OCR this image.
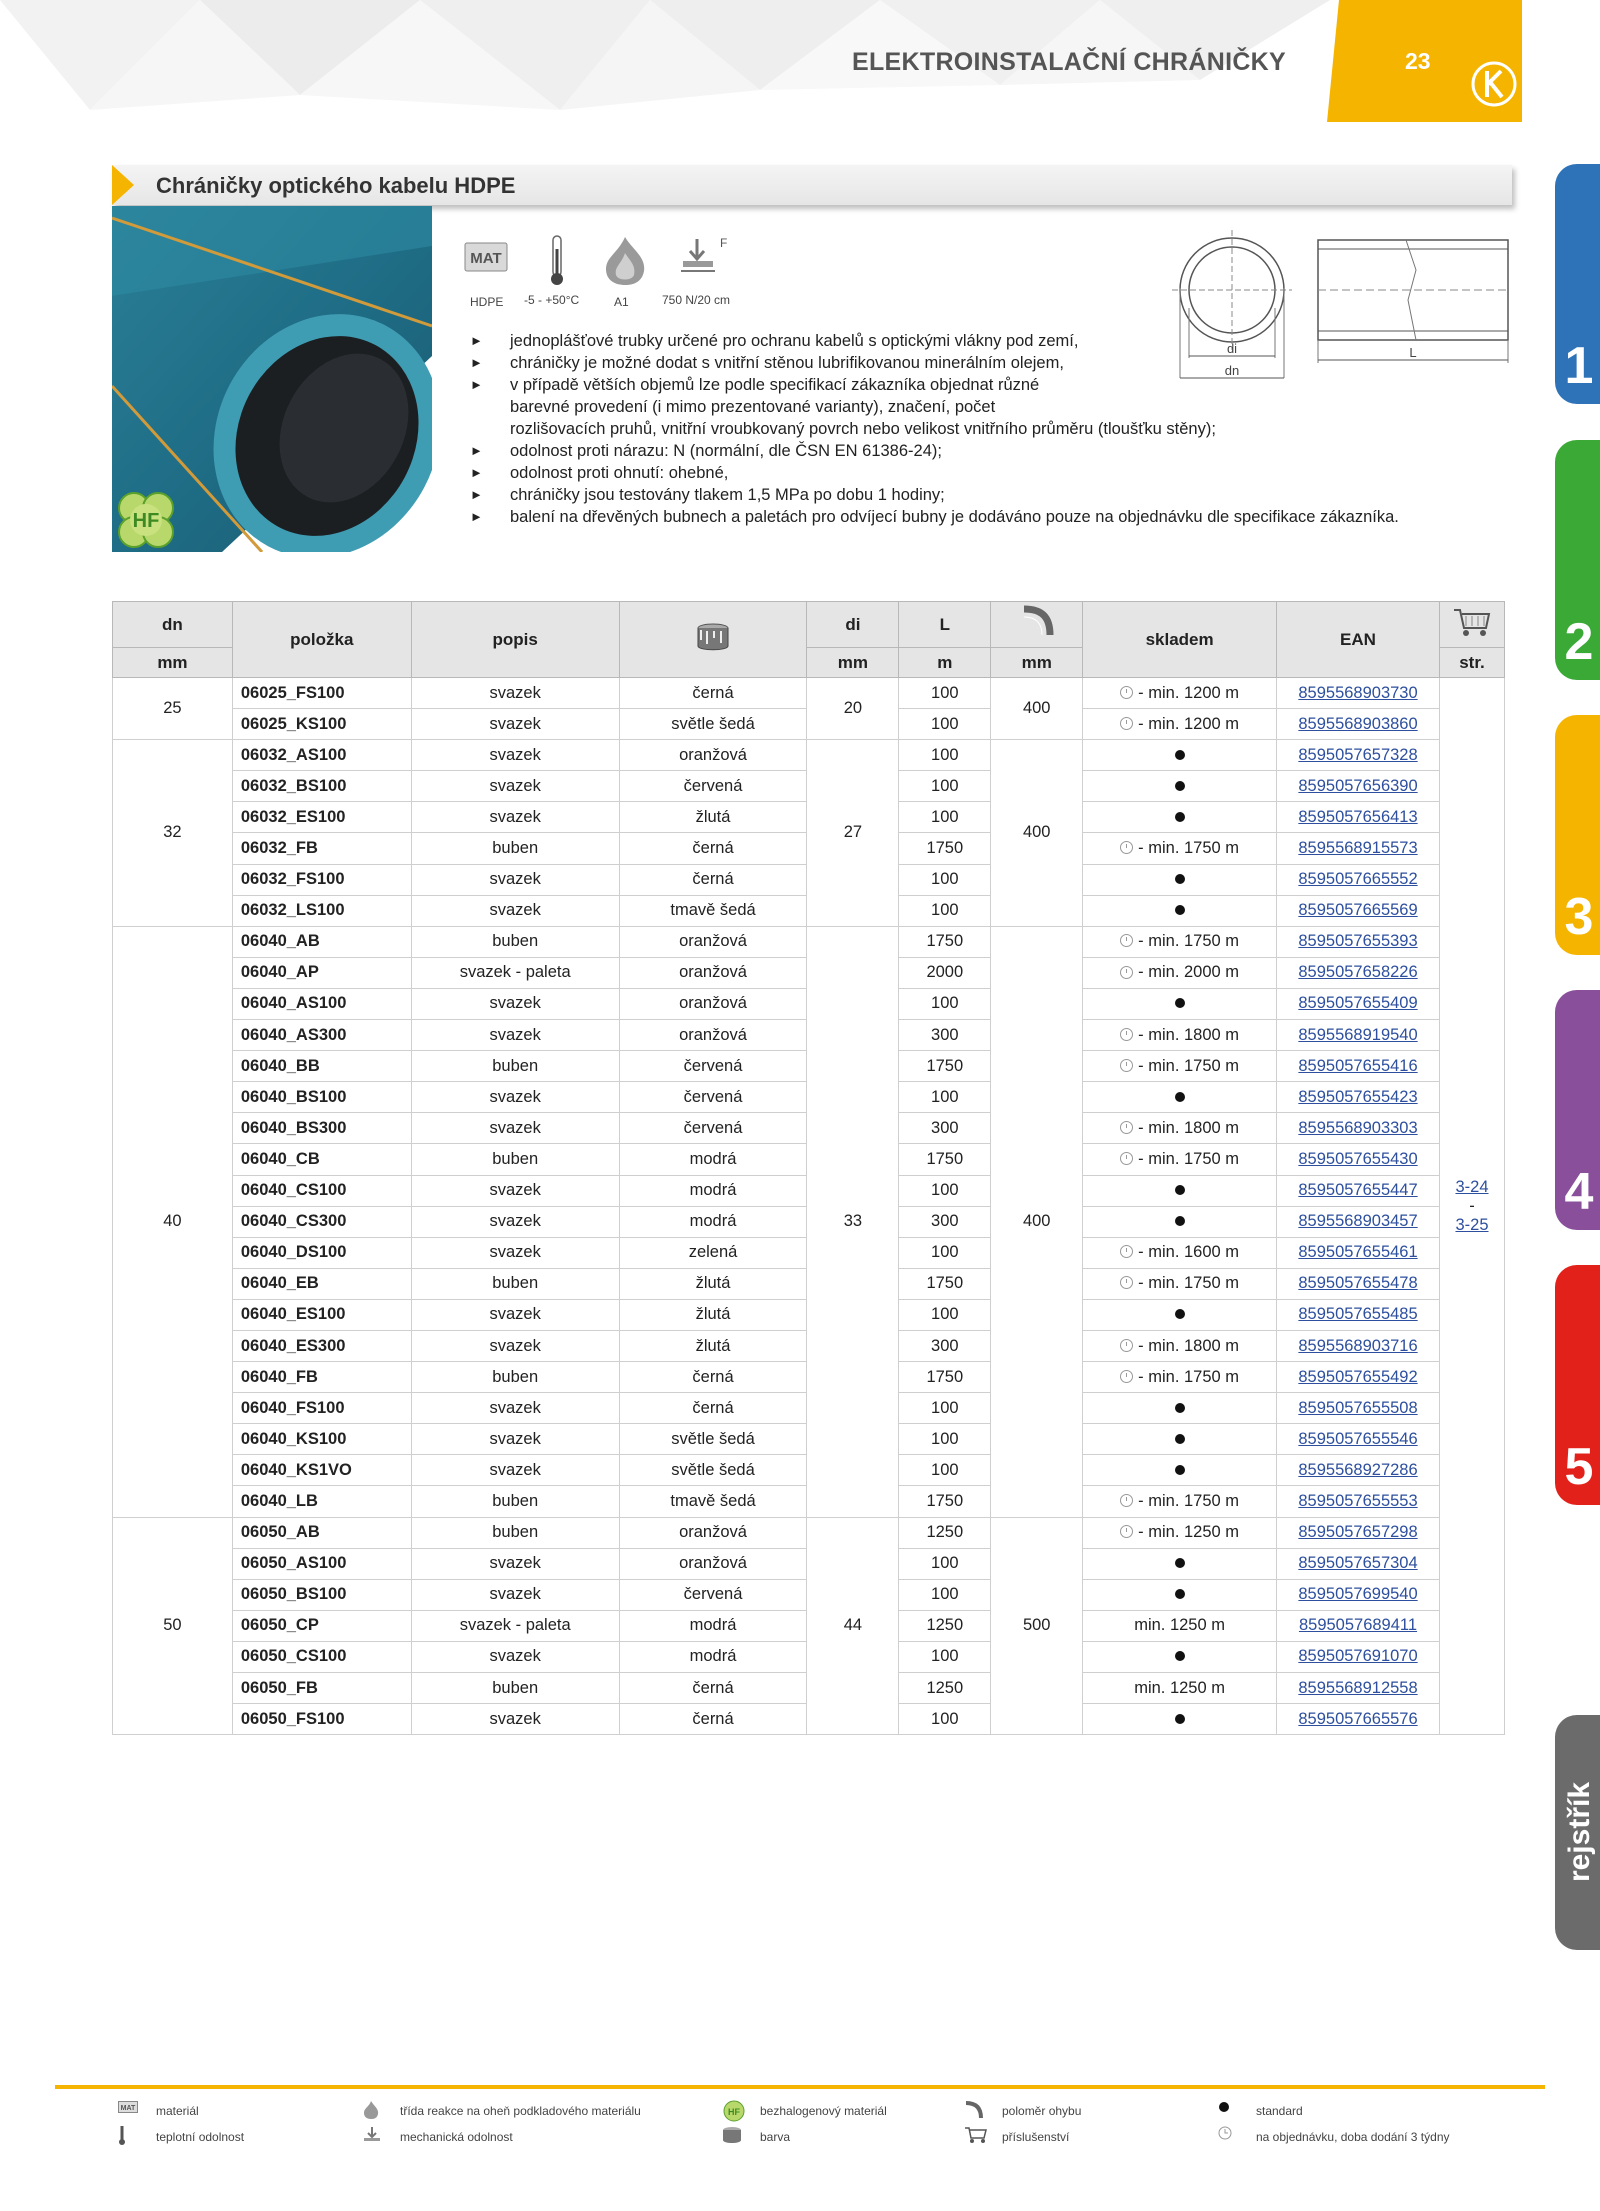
ELEKTROINSTALAČNÍ CHRÁNIČKY	23
1
2
3
4
5
rejstřík
Chráničky optického kabelu HDPE
HF
MAT
HDPE -5 - +50°C	A1
F
750 N/20 cm
di
dn
L
► jednoplášťové trubky určené pro ochranu kabelů s optickými vlákny pod zemí,
► chráničky je možné dodat s vnitřní stěnou lubrifikovanou minerálním olejem,
► v případě větších objemů lze podle specifikací zákazníka objednat různé
barevné provedení (i mimo prezentované varianty), značení, počet
rozlišovacích pruhů, vnitřní vroubkovaný povrch nebo velikost vnitřního průměru (tloušťku stěny);
► odolnost proti nárazu: N (normální, dle ČSN EN 61386-24);
► odolnost proti ohnutí: ohebné,
► chráničky jsou testovány tlakem 1,5 MPa po dobu 1 hodiny;
► balení na dřevěných bubnech a paletách pro odvíjecí bubny je dodáváno pouze na objednávku dle specifikace zákazníka.
dn	položka	popis		di	L		skladem	EAN	
mm				mm	m	mm			str.
25	06025_FS100	svazek	černá	20	100	400	- min. 1200 m	8595568903730	3-24
-
3-25
	06025_KS100	svazek	světle šedá		100		- min. 1200 m	8595568903860	
32	06032_AS100	svazek	oranžová	27	100	400		8595057657328	
	06032_BS100	svazek	červená		100			8595057656390	
	06032_ES100	svazek	žlutá		100			8595057656413	
	06032_FB	buben	černá		1750		- min. 1750 m	8595568915573	
	06032_FS100	svazek	černá		100			8595057665552	
	06032_LS100	svazek	tmavě šedá		100			8595057665569	
40	06040_AB	buben	oranžová	33	1750	400	- min. 1750 m	8595057655393	
	06040_AP	svazek - paleta	oranžová		2000		- min. 2000 m	8595057658226	
	06040_AS100	svazek	oranžová		100			8595057655409	
	06040_AS300	svazek	oranžová		300		- min. 1800 m	8595568919540	
	06040_BB	buben	červená		1750		- min. 1750 m	8595057655416	
	06040_BS100	svazek	červená		100			8595057655423	
	06040_BS300	svazek	červená		300		- min. 1800 m	8595568903303	
	06040_CB	buben	modrá		1750		- min. 1750 m	8595057655430	
	06040_CS100	svazek	modrá		100			8595057655447	
	06040_CS300	svazek	modrá		300			8595568903457	
	06040_DS100	svazek	zelená		100		- min. 1600 m	8595057655461	
	06040_EB	buben	žlutá		1750		- min. 1750 m	8595057655478	
	06040_ES100	svazek	žlutá		100			8595057655485	
	06040_ES300	svazek	žlutá		300		- min. 1800 m	8595568903716	
	06040_FB	buben	černá		1750		- min. 1750 m	8595057655492	
	06040_FS100	svazek	černá		100			8595057655508	
	06040_KS100	svazek	světle šedá		100			8595057655546	
	06040_KS1VO	svazek	světle šedá		100			8595568927286	
	06040_LB	buben	tmavě šedá		1750		- min. 1750 m	8595057655553	
50	06050_AB	buben	oranžová	44	1250	500	- min. 1250 m	8595057657298	
	06050_AS100	svazek	oranžová		100			8595057657304	
	06050_BS100	svazek	červená		100			8595057699540	
	06050_CP	svazek - paleta	modrá		1250		min. 1250 m	8595057689411	
	06050_CS100	svazek	modrá		100			8595057691070	
	06050_FB	buben	černá		1250		min. 1250 m	8595568912558	
	06050_FS100	svazek	černá		100			8595057665576	
MAT materiál
teplotní odolnost
třída reakce na oheň podkladového materiálu
mechanická odolnost
HF bezhalogenový materiál
barva
poloměr ohybu
příslušenství
standard
na objednávku, doba dodání 3 týdny
